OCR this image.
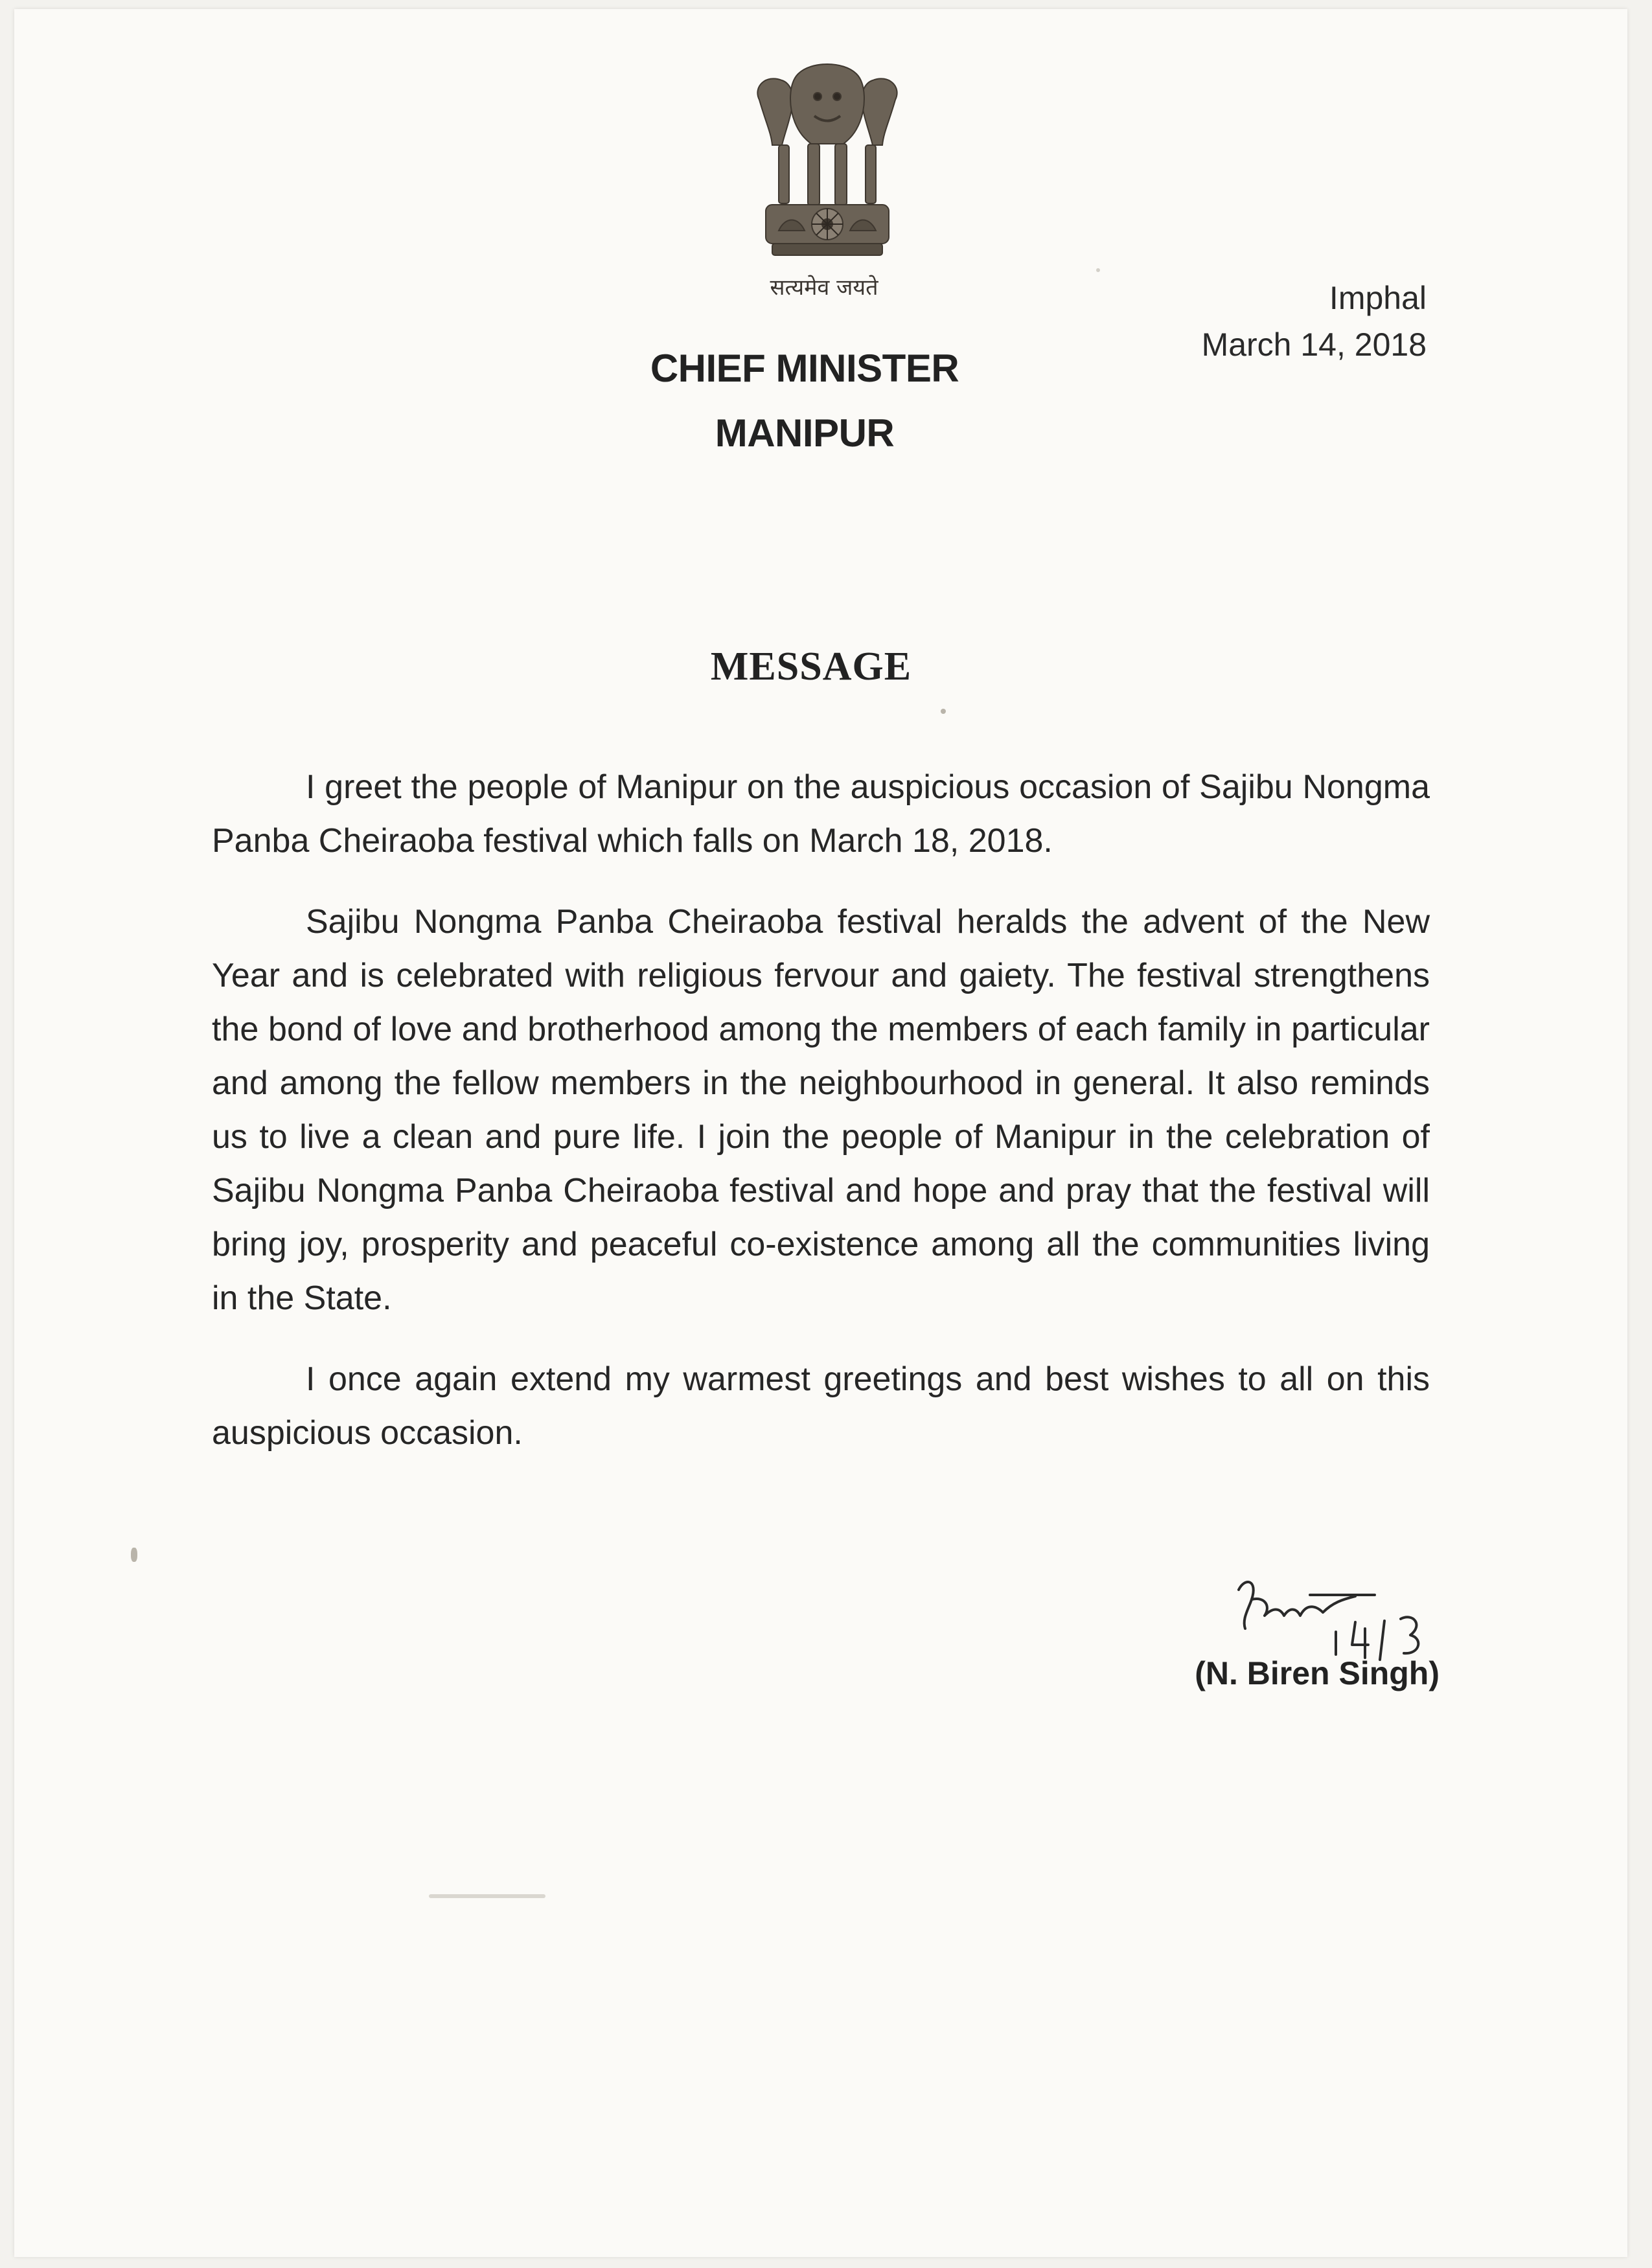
सत्यमेव जयते
CHIEF MINISTER
MANIPUR
Imphal
March 14, 2018
MESSAGE

I greet the people of Manipur on the auspicious occasion of Sajibu Nongma Panba Cheiraoba festival which falls on March 18, 2018.

Sajibu Nongma Panba Cheiraoba festival heralds the advent of the New Year and is celebrated with religious fervour and gaiety. The festival strengthens the bond of love and brotherhood among the members of each family in particular and among the fellow members in the neighbourhood in general. It also reminds us to live a clean and pure life. I join the people of Manipur in the celebration of Sajibu Nongma Panba Cheiraoba festival and hope and pray that the festival will bring joy, prosperity and peaceful co-existence among all the communities living in the State.

I once again extend my warmest greetings and best wishes to all on this auspicious occasion.

(N. Biren Singh)
